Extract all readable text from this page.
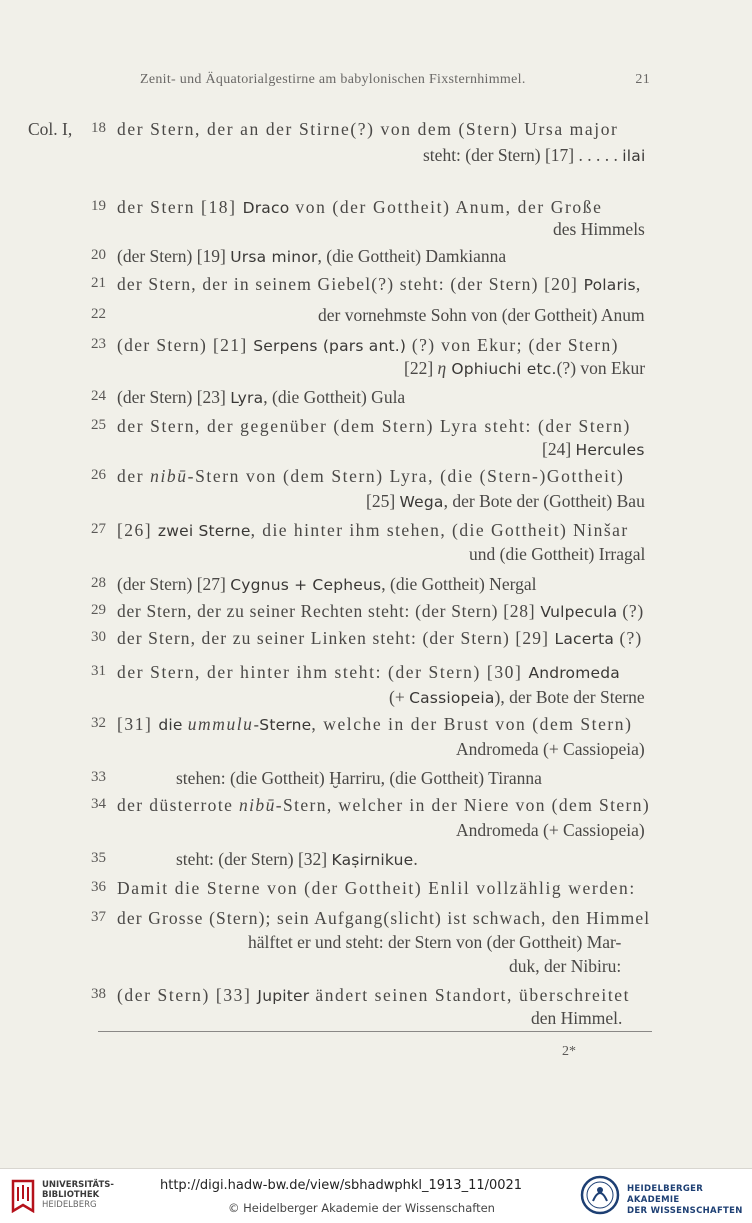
Zenit- und Äquatorialgestirne am babylonischen Fixsternhimmel.	21
Col. I, 18 der Stern, der an der Stirne(?) von dem (Stern) Ursa major
steht: (der Stern) [17] . . . . . ilai
19 der Stern [18] Draco von (der Gottheit) Anum, der Große
des Himmels
20 (der Stern) [19] Ursa minor, (die Gottheit) Damkianna
21 der Stern, der in seinem Giebel(?) steht: (der Stern) [20] Polaris,
22	der vornehmste Sohn von (der Gottheit) Anum
23 (der Stern) [21] Serpens (pars ant.) (?) von Ekur; (der Stern)
[22] η Ophiuchi etc.(?) von Ekur
24 (der Stern) [23] Lyra, (die Gottheit) Gula
25 der Stern, der gegenüber (dem Stern) Lyra steht: (der Stern)
[24] Hercules
26 der nibū-Stern von (dem Stern) Lyra, (die (Stern-)Gottheit)
[25] Wega, der Bote der (Gottheit) Bau
27 [26] zwei Sterne, die hinter ihm stehen, (die Gottheit) Ninšar
und (die Gottheit) Irragal
28 (der Stern) [27] Cygnus + Cepheus, (die Gottheit) Nergal
29 der Stern, der zu seiner Rechten steht: (der Stern) [28] Vulpecula (?)
30 der Stern, der zu seiner Linken steht: (der Stern) [29] Lacerta (?)
31 der Stern, der hinter ihm steht: (der Stern) [30] Andromeda
(+ Cassiopeia), der Bote der Sterne
32 [31] die ummulu-Sterne, welche in der Brust von (dem Stern)
Andromeda (+ Cassiopeia)
33	stehen: (die Gottheit) Ḫarriru, (die Gottheit) Tiranna
34 der düsterrote nibū-Stern, welcher in der Niere von (dem Stern)
Andromeda (+ Cassiopeia)
35	steht: (der Stern) [32] Kaṣirnikue.
36 Damit die Sterne von (der Gottheit) Enlil vollzählig werden:
37 der Grosse (Stern); sein Aufgang(slicht) ist schwach, den Himmel
hälftet er und steht: der Stern von (der Gottheit) Mar-
duk, der Nibiru:
38 (der Stern) [33] Jupiter ändert seinen Standort, überschreitet
den Himmel.
2*
UNIVERSITÄTS-
BIBLIOTHEK
HEIDELBERG
http://digi.hadw-bw.de/view/sbhadwphkl_1913_11/0021
© Heidelberger Akademie der Wissenschaften
HEIDELBERGER AKADEMIE
DER WISSENSCHAFTEN
